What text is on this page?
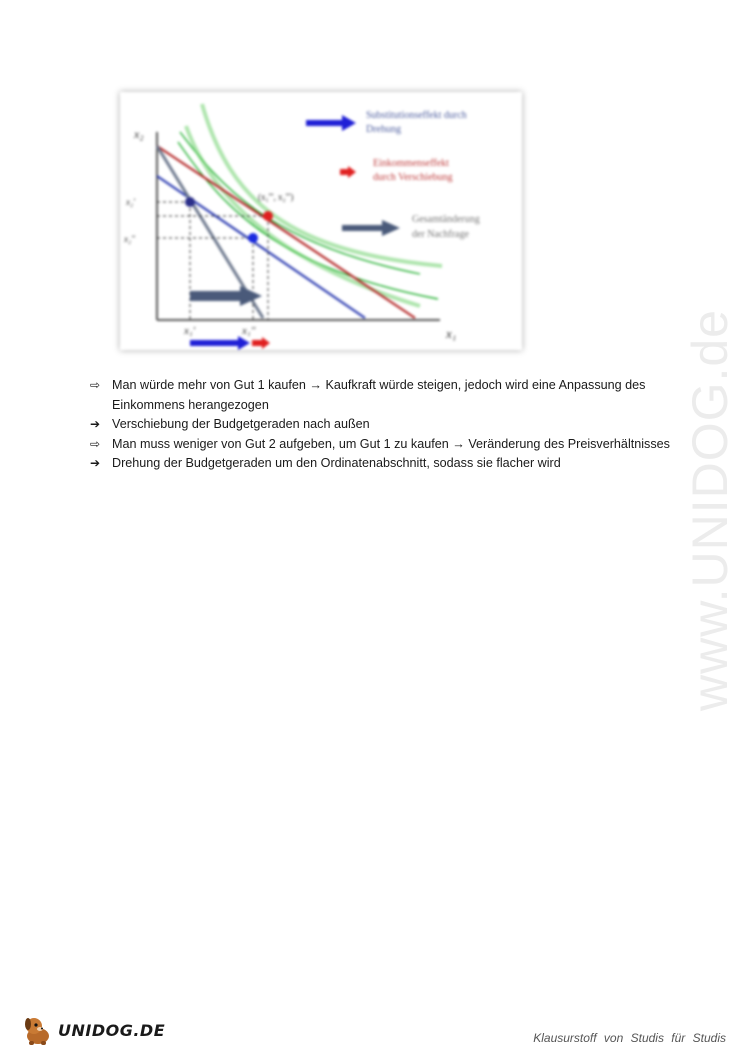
x₂
x₁
x₂'
x₂''
x₁'	x₁''
(x₁''', x₂''')
Substitutionseffekt durch
Drehung
Einkommenseffekt
durch Verschiebung
Gesamtänderung
der Nachfrage
⇨ Man würde mehr von Gut 1 kaufen → Kaufkraft würde steigen, jedoch wird eine Anpassung des Einkommens herangezogen
➔ Verschiebung der Budgetgeraden nach außen
⇨ Man muss weniger von Gut 2 aufgeben, um Gut 1 zu kaufen → Veränderung des Preisverhältnisses
➔ Drehung der Budgetgeraden um den Ordinatenabschnitt, sodass sie flacher wird	www.UNIDOG.de
UNIDOG.DE	Klausurstoff von Studis für Studis
